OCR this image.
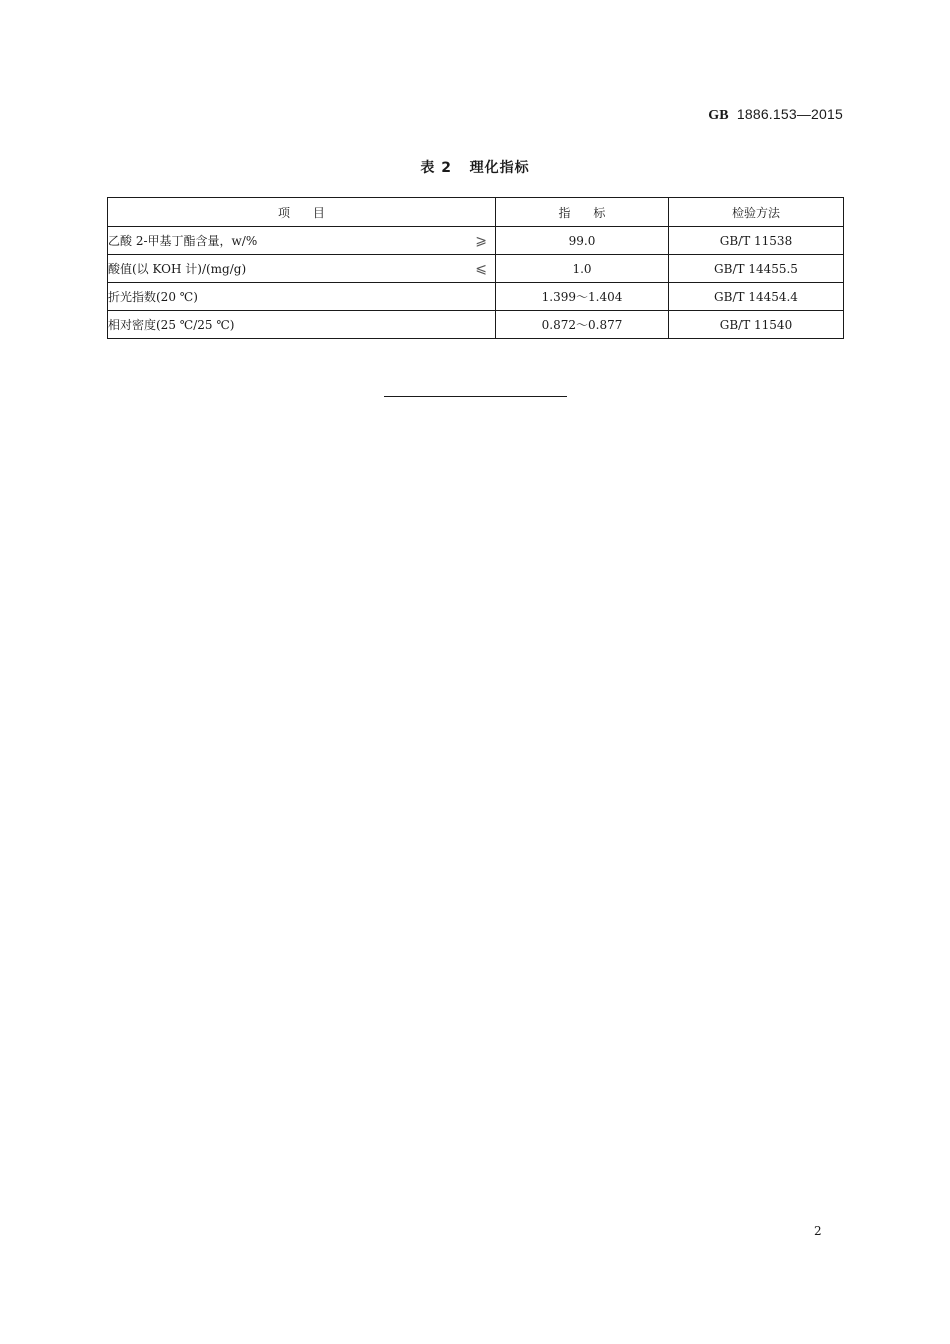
GB 1886.153—2015
表 2   理化指标
项      目	指      标	检验方法
乙酸 2-甲基丁酯含量，w/% ⩾	99.0	GB/T 11538
酸值(以 KOH 计)/(mg/g) ⩽	1.0	GB/T 14455.5
折光指数(20 ℃)	1.399～1.404	GB/T 14454.4
相对密度(25 ℃/25 ℃)	0.872～0.877	GB/T 11540
2
